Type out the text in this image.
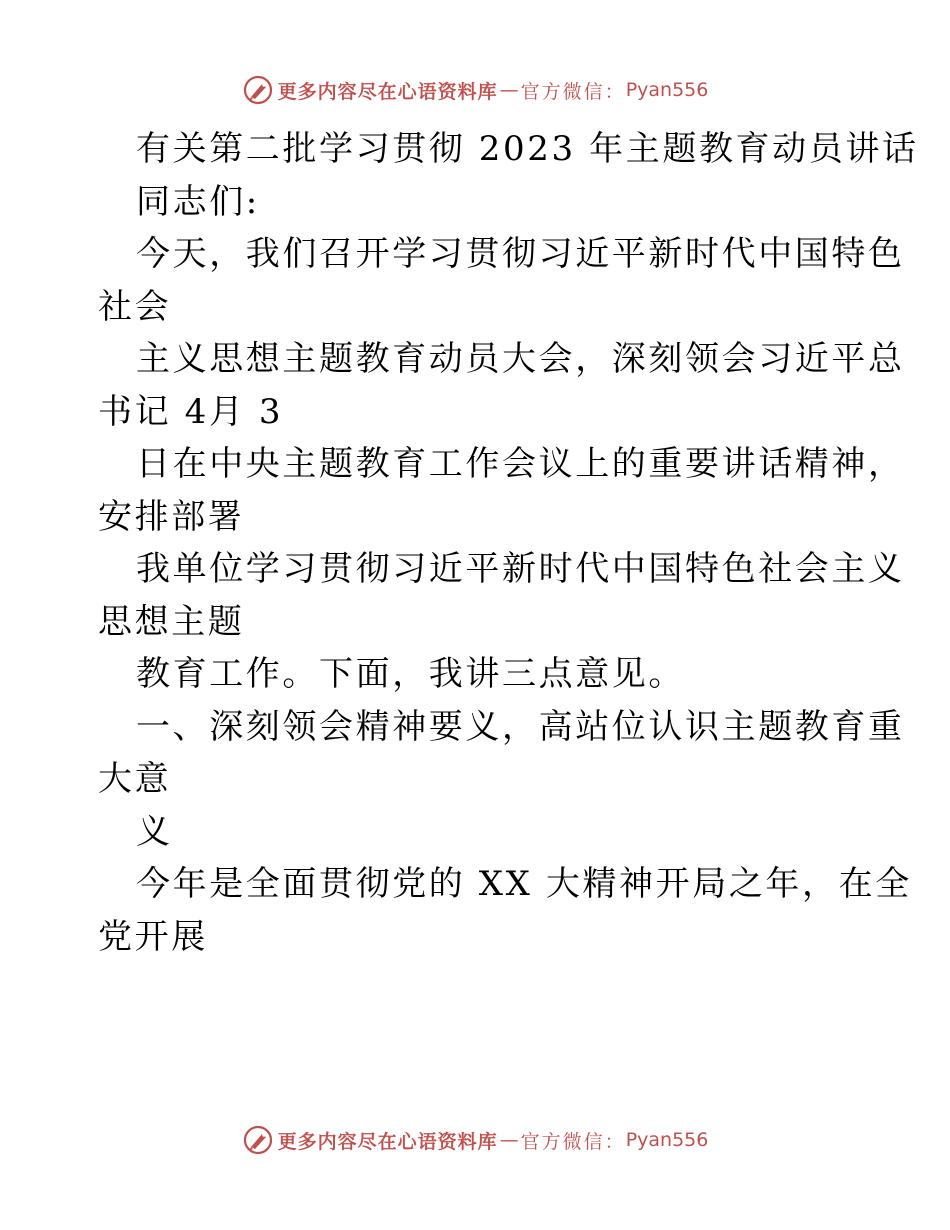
更多内容尽在心语资料库 — 官方微信： Pyan556
有关第二批学习贯彻 2023 年主题教育动员讲话
同志们:
今天，我们召开学习贯彻习近平新时代中国特色
社会
主义思想主题教育动员大会，深刻领会习近平总
书记 4月 3
日在中央主题教育工作会议上的重要讲话精神，
安排部署
我单位学习贯彻习近平新时代中国特色社会主义
思想主题
教育工作。下面，我讲三点意见。
一、深刻领会精神要义，高站位认识主题教育重
大意
义
今年是全面贯彻党的 XX 大精神开局之年，在全
党开展
更多内容尽在心语资料库 — 官方微信： Pyan556
